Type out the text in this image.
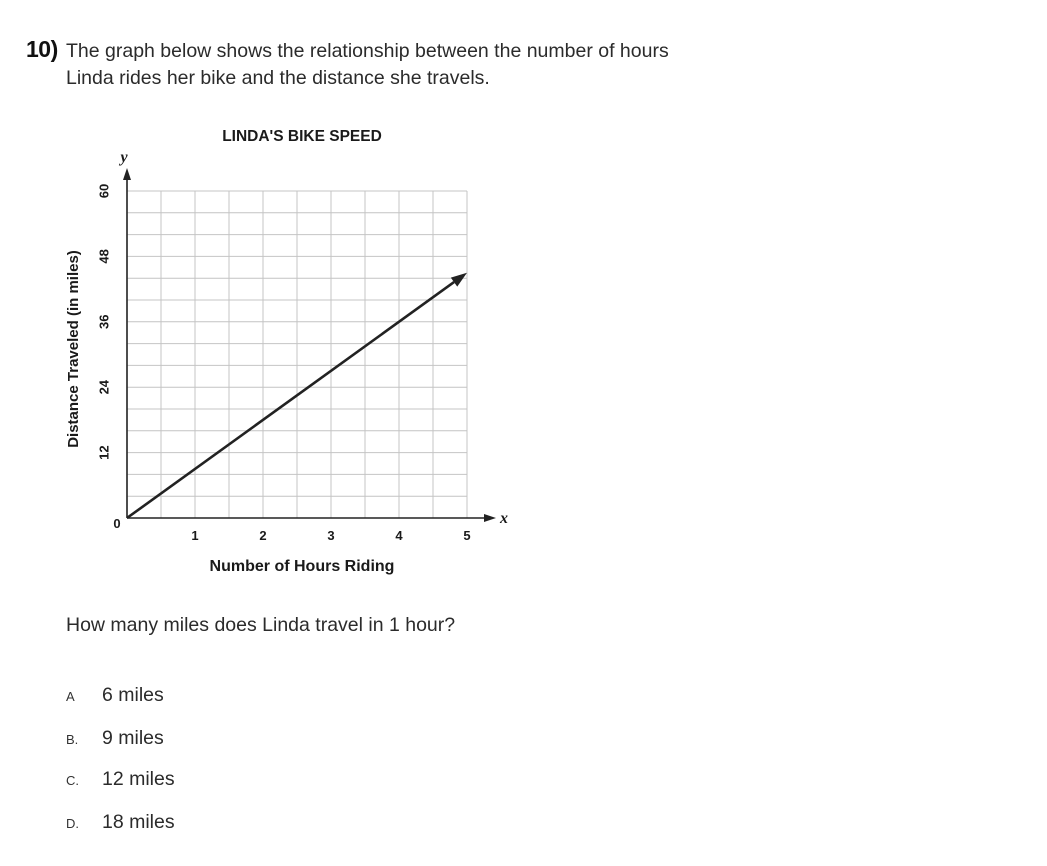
10) The graph below shows the relationship between the number of hours
Linda rides her bike and the distance she travels.
LINDA'S BIKE SPEED
0
1	2	3	4	5
12
24
36
48
60
y
x
Number of Hours Riding
Distance Traveled (in miles)
How many miles does Linda travel in 1 hour?
A	6 miles
B.	9 miles
C.	12 miles
D.	18 miles
